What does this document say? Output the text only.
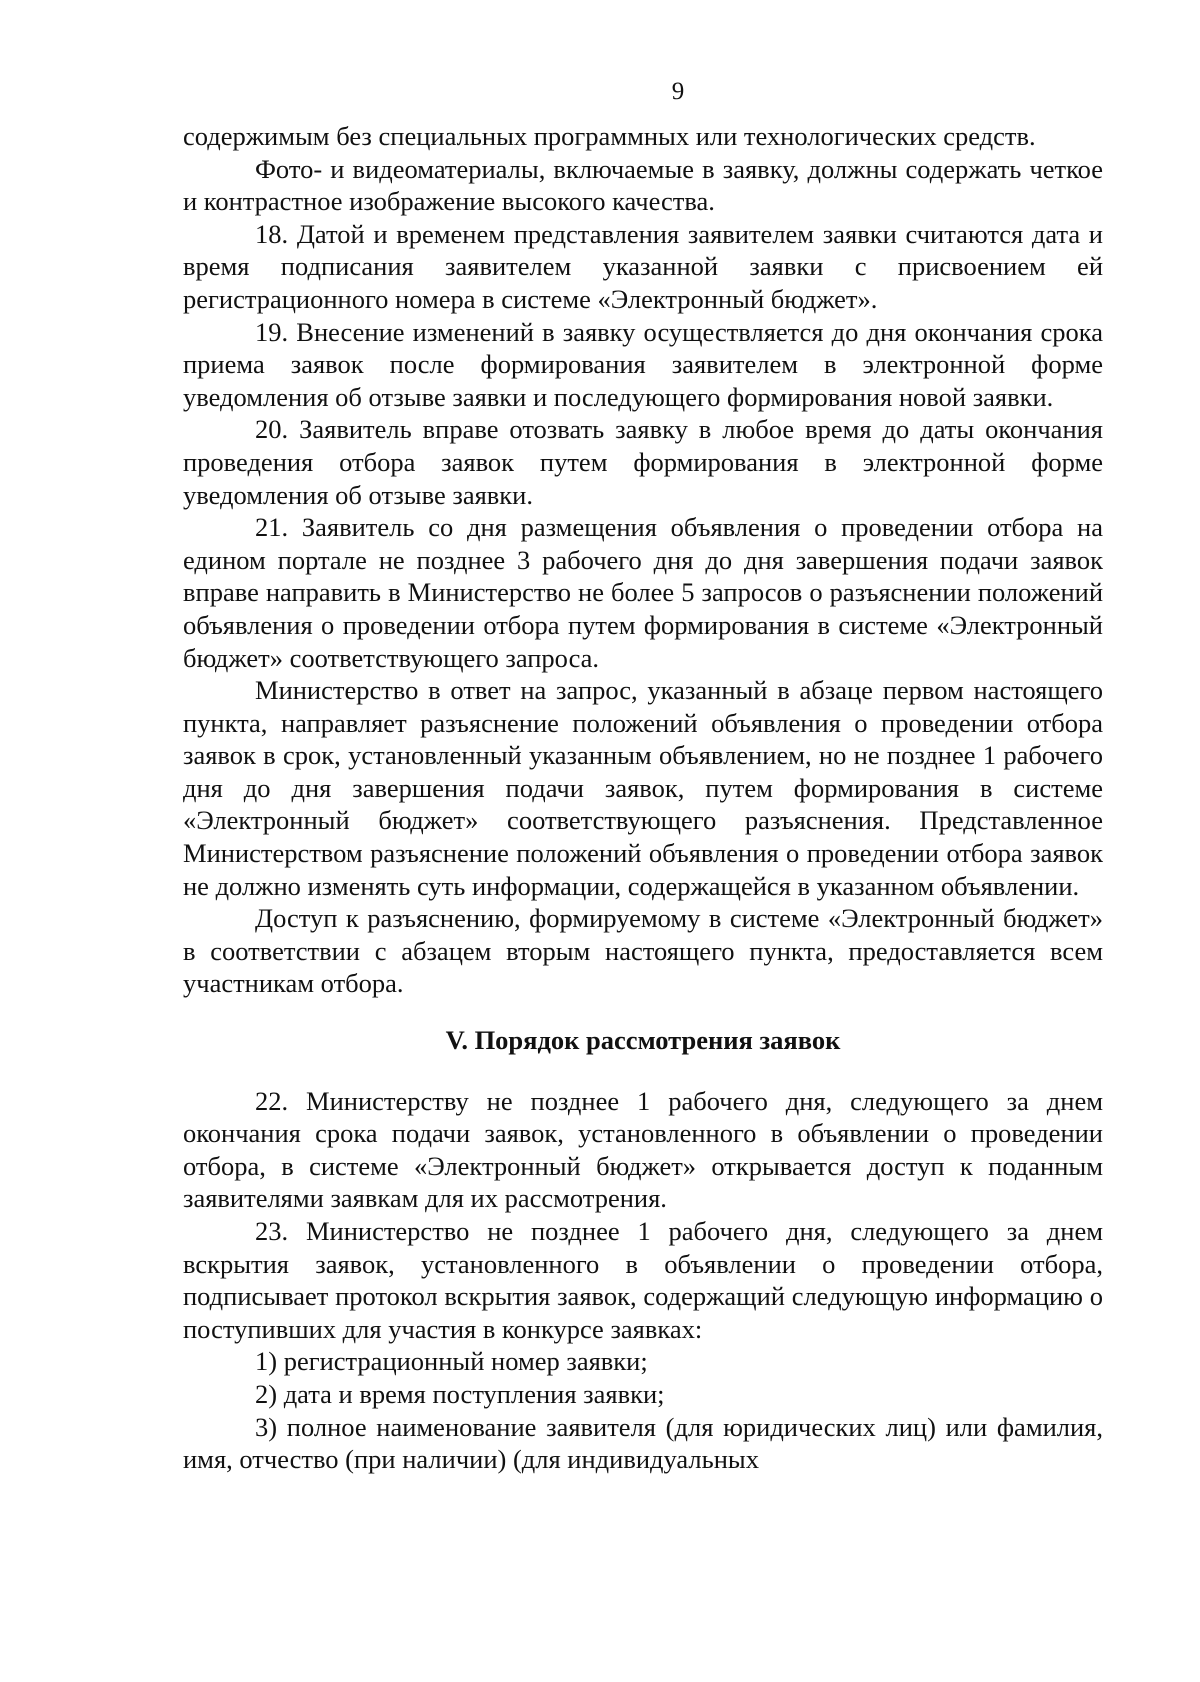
9

содержимым без специальных программных или технологических средств.

Фото- и видеоматериалы, включаемые в заявку, должны содержать четкое и контрастное изображение высокого качества.

18. Датой и временем представления заявителем заявки считаются дата и время подписания заявителем указанной заявки с присвоением ей регистрационного номера в системе «Электронный бюджет».

19. Внесение изменений в заявку осуществляется до дня окончания срока приема заявок после формирования заявителем в электронной форме уведомления об отзыве заявки и последующего формирования новой заявки.

20. Заявитель вправе отозвать заявку в любое время до даты окончания проведения отбора заявок путем формирования в электронной форме уведомления об отзыве заявки.

21. Заявитель со дня размещения объявления о проведении отбора на едином портале не позднее 3 рабочего дня до дня завершения подачи заявок вправе направить в Министерство не более 5 запросов о разъяснении положений объявления о проведении отбора путем формирования в системе «Электронный бюджет» соответствующего запроса.

Министерство в ответ на запрос, указанный в абзаце первом настоящего пункта, направляет разъяснение положений объявления о проведении отбора заявок в срок, установленный указанным объявлением, но не позднее 1 рабочего дня до дня завершения подачи заявок, путем формирования в системе «Электронный бюджет» соответствующего разъяснения. Представленное Министерством разъяснение положений объявления о проведении отбора заявок не должно изменять суть информации, содержащейся в указанном объявлении.

Доступ к разъяснению, формируемому в системе «Электронный бюджет» в соответствии с абзацем вторым настоящего пункта, предоставляется всем участникам отбора.

V. Порядок рассмотрения заявок

22. Министерству не позднее 1 рабочего дня, следующего за днем окончания срока подачи заявок, установленного в объявлении о проведении отбора, в системе «Электронный бюджет» открывается доступ к поданным заявителями заявкам для их рассмотрения.

23. Министерство не позднее 1 рабочего дня, следующего за днем вскрытия заявок, установленного в объявлении о проведении отбора, подписывает протокол вскрытия заявок, содержащий следующую информацию о поступивших для участия в конкурсе заявках:

1) регистрационный номер заявки;

2) дата и время поступления заявки;

3) полное наименование заявителя (для юридических лиц) или фамилия, имя, отчество (при наличии) (для индивидуальных
